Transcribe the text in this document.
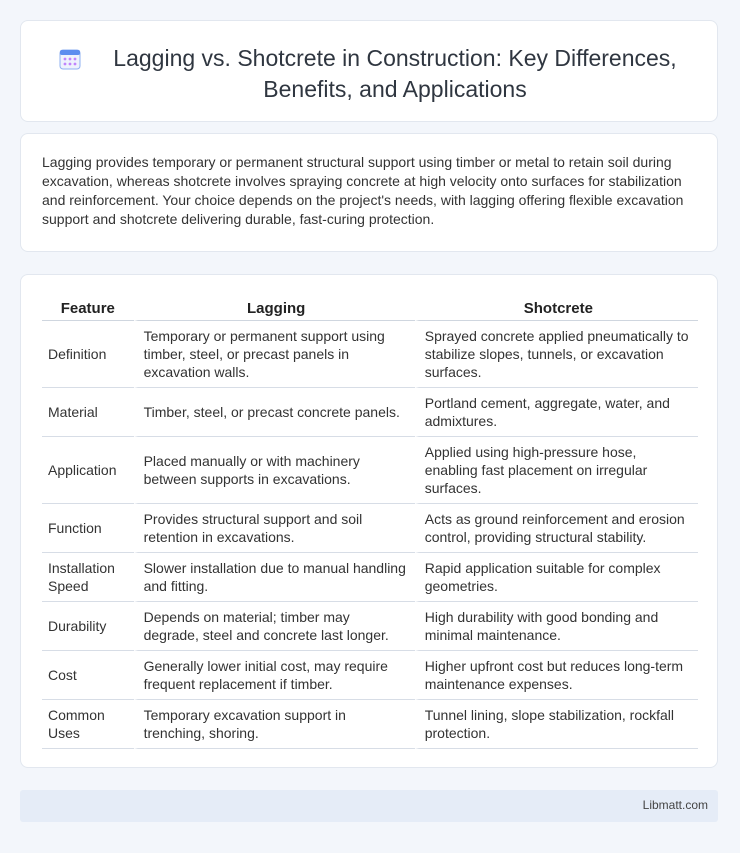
Lagging vs. Shotcrete in Construction: Key Differences, Benefits, and Applications

Lagging provides temporary or permanent structural support using timber or metal to retain soil during excavation, whereas shotcrete involves spraying concrete at high velocity onto surfaces for stabilization and reinforcement. Your choice depends on the project's needs, with lagging offering flexible excavation support and shotcrete delivering durable, fast-curing protection.

Feature	Lagging	Shotcrete
Definition	Temporary or permanent support using timber, steel, or precast panels in excavation walls.	Sprayed concrete applied pneumatically to stabilize slopes, tunnels, or excavation surfaces.
Material	Timber, steel, or precast concrete panels.	Portland cement, aggregate, water, and admixtures.
Application	Placed manually or with machinery between supports in excavations.	Applied using high-pressure hose, enabling fast placement on irregular surfaces.
Function	Provides structural support and soil retention in excavations.	Acts as ground reinforcement and erosion control, providing structural stability.
Installation Speed	Slower installation due to manual handling and fitting.	Rapid application suitable for complex geometries.
Durability	Depends on material; timber may degrade, steel and concrete last longer.	High durability with good bonding and minimal maintenance.
Cost	Generally lower initial cost, may require frequent replacement if timber.	Higher upfront cost but reduces long-term maintenance expenses.
Common Uses	Temporary excavation support in trenching, shoring.	Tunnel lining, slope stabilization, rockfall protection.
Libmatt.com
